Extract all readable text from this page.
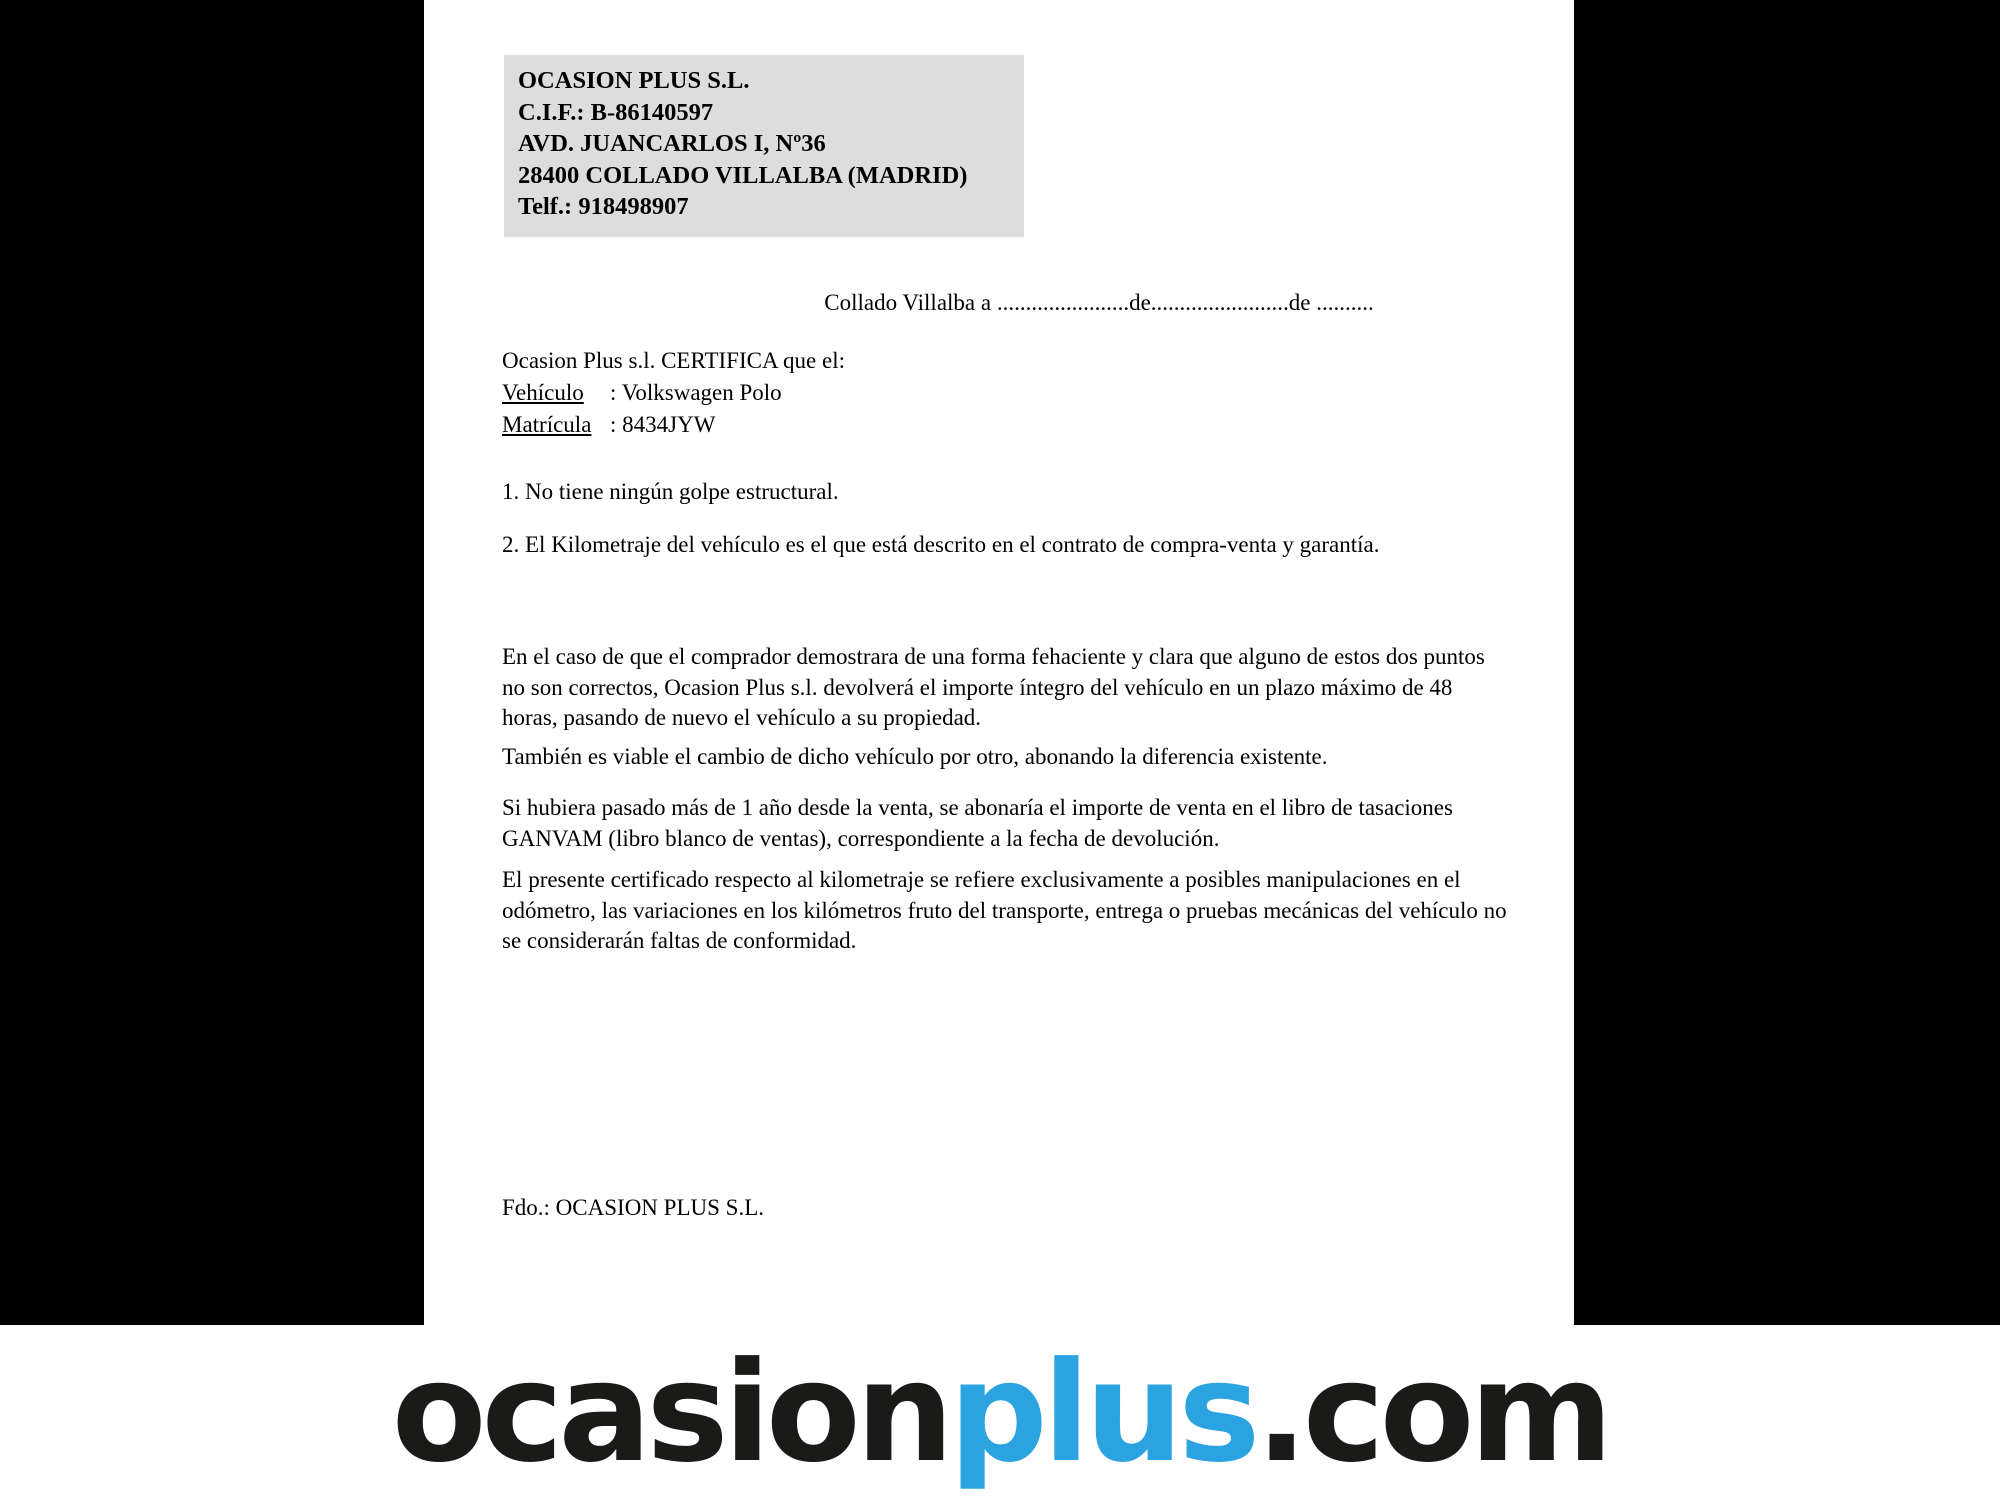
OCASION PLUS S.L.
C.I.F.: B-86140597
AVD. JUANCARLOS I, Nº36
28400 COLLADO VILLALBA (MADRID)
Telf.: 918498907
Collado Villalba a .......................de........................de ..........
Ocasion Plus s.l. CERTIFICA que el:
Vehículo : Volkswagen Polo
Matrícula : 8434JYW
1. No tiene ningún golpe estructural.
2. El Kilometraje del vehículo es el que está descrito en el contrato de compra-venta y garantía.
En el caso de que el comprador demostrara de una forma fehaciente y clara que alguno de estos dos puntos no son correctos, Ocasion Plus s.l. devolverá el importe íntegro del vehículo en un plazo máximo de 48 horas, pasando de nuevo el vehículo a su propiedad.
También es viable el cambio de dicho vehículo por otro, abonando la diferencia existente.
Si hubiera pasado más de 1 año desde la venta, se abonaría el importe de venta en el libro de tasaciones GANVAM (libro blanco de ventas), correspondiente a la fecha de devolución.
El presente certificado respecto al kilometraje se refiere exclusivamente a posibles manipulaciones en el odómetro, las variaciones en los kilómetros fruto del transporte, entrega o pruebas mecánicas del vehículo no se considerarán faltas de conformidad.
Fdo.: OCASION PLUS S.L.
ocasionplus.com
